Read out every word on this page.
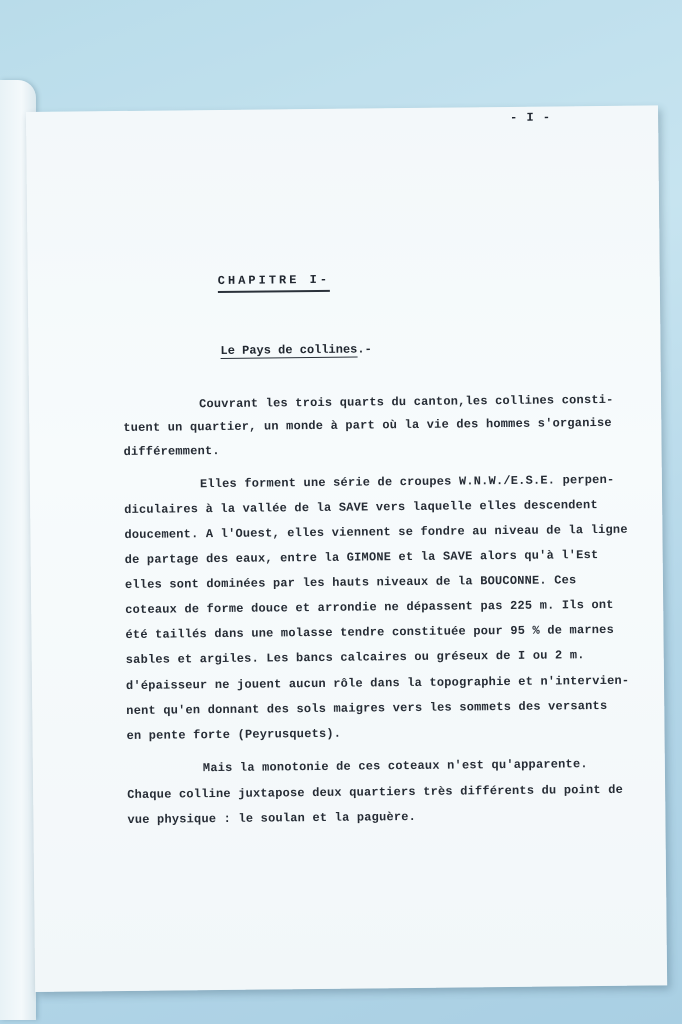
- I -
CHAPITRE I-
Le Pays de collines.-
Couvrant les trois quarts du canton,les collines consti-
tuent un quartier, un monde à part où la vie des hommes s'organise
différemment.
Elles forment une série de croupes W.N.W./E.S.E. perpen-
diculaires à la vallée de la SAVE vers laquelle elles descendent
doucement. A l'Ouest, elles viennent se fondre au niveau de la ligne
de partage des eaux, entre la GIMONE et la SAVE alors qu'à l'Est
elles sont dominées par les hauts niveaux de la BOUCONNE. Ces
coteaux de forme douce et arrondie ne dépassent pas 225 m. Ils ont
été taillés dans une molasse tendre constituée pour 95 % de marnes
sables et argiles. Les bancs calcaires ou gréseux de I ou 2 m.
d'épaisseur ne jouent aucun rôle dans la topographie et n'intervien-
nent qu'en donnant des sols maigres vers les sommets des versants
en pente forte (Peyrusquets).
Mais la monotonie de ces coteaux n'est qu'apparente.
Chaque colline juxtapose deux quartiers très différents du point de
vue physique : le soulan et la paguère.
